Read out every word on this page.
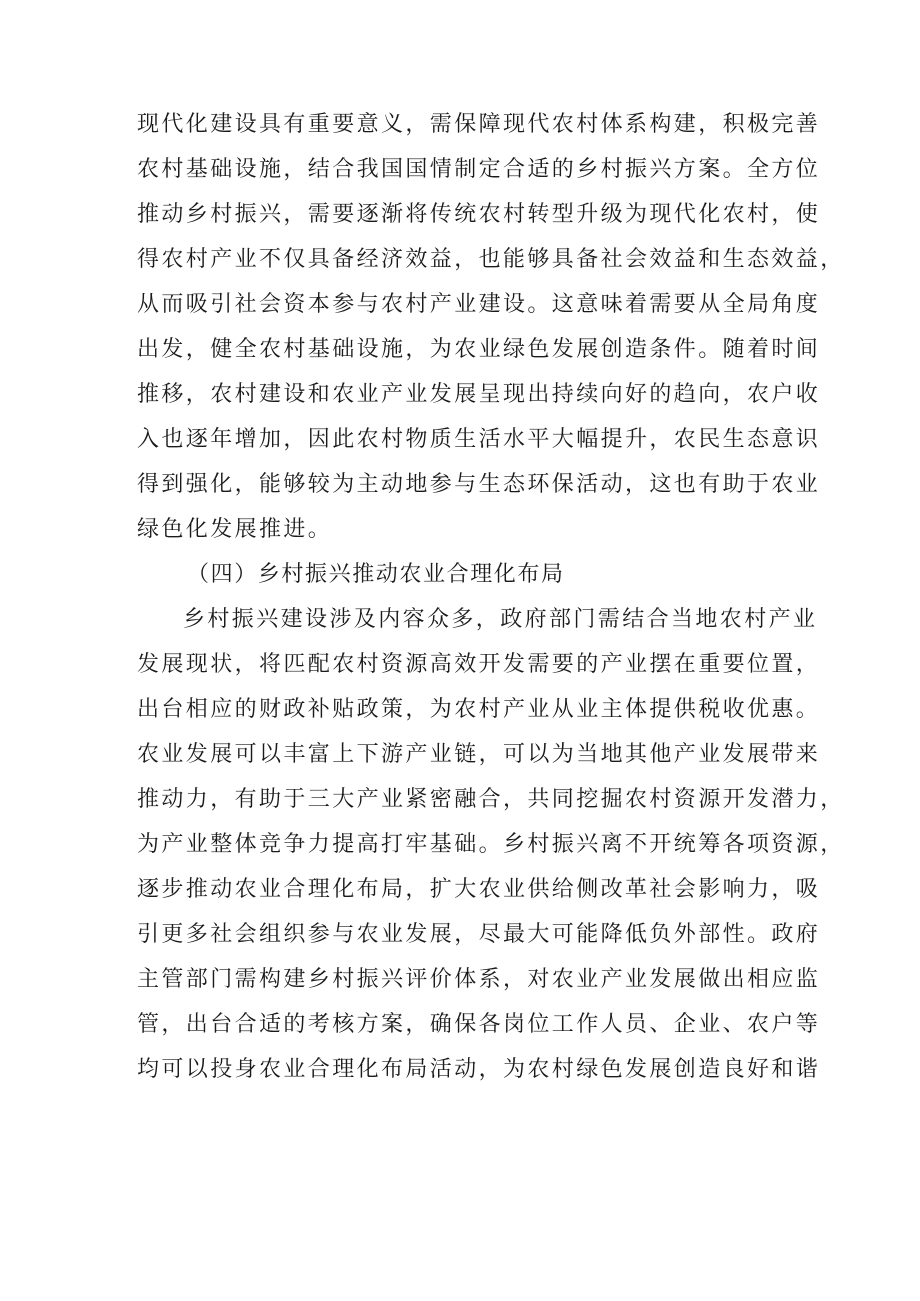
现代化建设具有重要意义，需保障现代农村体系构建，积极完善
农村基础设施，结合我国国情制定合适的乡村振兴方案。全方位
推动乡村振兴，需要逐渐将传统农村转型升级为现代化农村，使
得农村产业不仅具备经济效益，也能够具备社会效益和生态效益，
从而吸引社会资本参与农村产业建设。这意味着需要从全局角度
出发，健全农村基础设施，为农业绿色发展创造条件。随着时间
推移，农村建设和农业产业发展呈现出持续向好的趋向，农户收
入也逐年增加，因此农村物质生活水平大幅提升，农民生态意识
得到强化，能够较为主动地参与生态环保活动，这也有助于农业
绿色化发展推进。
（四）乡村振兴推动农业合理化布局
乡村振兴建设涉及内容众多，政府部门需结合当地农村产业
发展现状，将匹配农村资源高效开发需要的产业摆在重要位置，
出台相应的财政补贴政策，为农村产业从业主体提供税收优惠。
农业发展可以丰富上下游产业链，可以为当地其他产业发展带来
推动力，有助于三大产业紧密融合，共同挖掘农村资源开发潜力，
为产业整体竞争力提高打牢基础。乡村振兴离不开统筹各项资源，
逐步推动农业合理化布局，扩大农业供给侧改革社会影响力，吸
引更多社会组织参与农业发展，尽最大可能降低负外部性。政府
主管部门需构建乡村振兴评价体系，对农业产业发展做出相应监
管，出台合适的考核方案，确保各岗位工作人员、企业、农户等
均可以投身农业合理化布局活动，为农村绿色发展创造良好和谐
